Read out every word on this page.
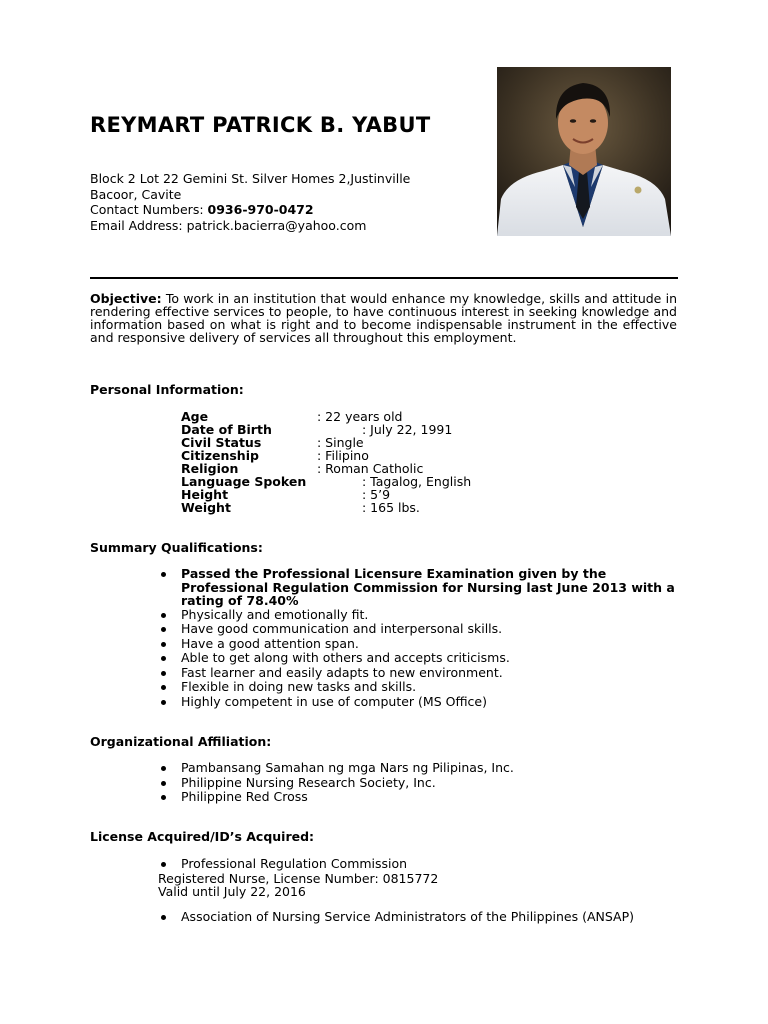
REYMART PATRICK B. YABUT
Block 2 Lot 22 Gemini St. Silver Homes 2,Justinville
Bacoor, Cavite
Contact Numbers: 0936-970-0472
Email Address: patrick.bacierra@yahoo.com
Objective: To work in an institution that would enhance my knowledge, skills and attitude in rendering effective services to people, to have continuous interest in seeking knowledge and information based on what is right and to become indispensable instrument in the effective and responsive delivery of services all throughout this employment.
Personal Information:
Age	: 22 years old
Date of Birth	: July 22, 1991
Civil Status	: Single
Citizenship	: Filipino
Religion	: Roman Catholic
Language Spoken	: Tagalog, English
Height	: 5’9
Weight	: 165 lbs.
Summary Qualifications:
Passed the Professional Licensure Examination given by the Professional Regulation Commission for Nursing last June 2013 with a rating of 78.40%
Physically and emotionally fit.
Have good communication and interpersonal skills.
Have a good attention span.
Able to get along with others and accepts criticisms.
Fast learner and easily adapts to new environment.
Flexible in doing new tasks and skills.
Highly competent in use of computer (MS Office)
Organizational Affiliation:
Pambansang Samahan ng mga Nars ng Pilipinas, Inc.
Philippine Nursing Research Society, Inc.
Philippine Red Cross
License Acquired/ID’s Acquired:
Professional Regulation Commission
Registered Nurse, License Number: 0815772
Valid until July 22, 2016
Association of Nursing Service Administrators of the Philippines (ANSAP)
